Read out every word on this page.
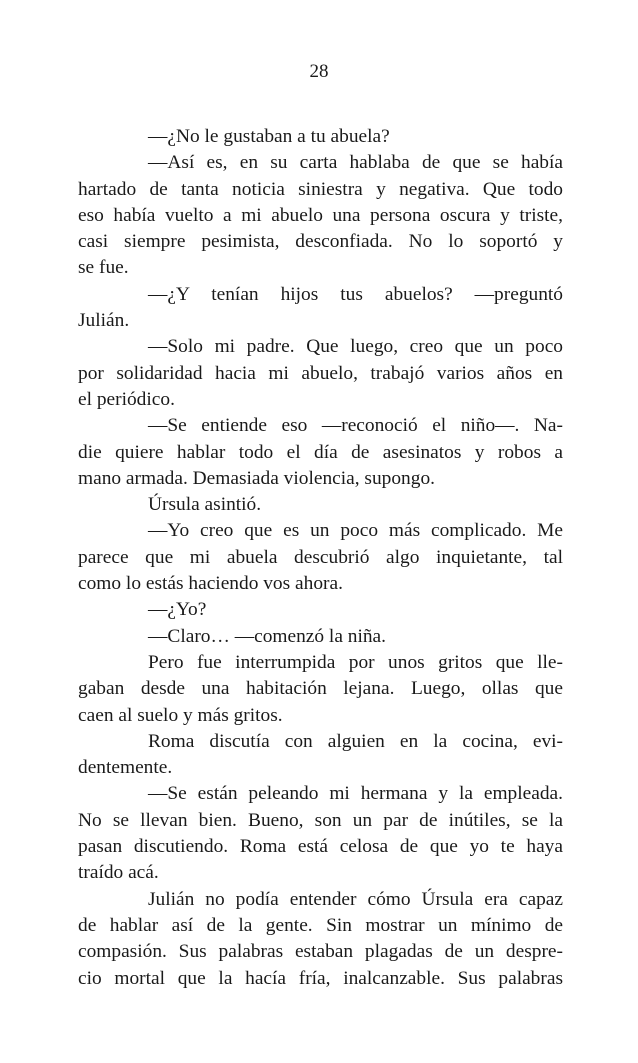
28
—¿No le gustaban a tu abuela?
—Así es, en su carta hablaba de que se había
hartado de tanta noticia siniestra y negativa. Que todo
eso había vuelto a mi abuelo una persona oscura y triste,
casi siempre pesimista, desconfiada. No lo soportó y
se fue.
—¿Y tenían hijos tus abuelos? —preguntó
Julián.
—Solo mi padre. Que luego, creo que un poco
por solidaridad hacia mi abuelo, trabajó varios años en
el periódico.
—Se entiende eso —reconoció el niño—. Na-
die quiere hablar todo el día de asesinatos y robos a
mano armada. Demasiada violencia, supongo.
Úrsula asintió.
—Yo creo que es un poco más complicado. Me
parece que mi abuela descubrió algo inquietante, tal
como lo estás haciendo vos ahora.
—¿Yo?
—Claro… —comenzó la niña.
Pero fue interrumpida por unos gritos que lle-
gaban desde una habitación lejana. Luego, ollas que
caen al suelo y más gritos.
Roma discutía con alguien en la cocina, evi-
dentemente.
—Se están peleando mi hermana y la empleada.
No se llevan bien. Bueno, son un par de inútiles, se la
pasan discutiendo. Roma está celosa de que yo te haya
traído acá.
Julián no podía entender cómo Úrsula era capaz
de hablar así de la gente. Sin mostrar un mínimo de
compasión. Sus palabras estaban plagadas de un despre-
cio mortal que la hacía fría, inalcanzable. Sus palabras
